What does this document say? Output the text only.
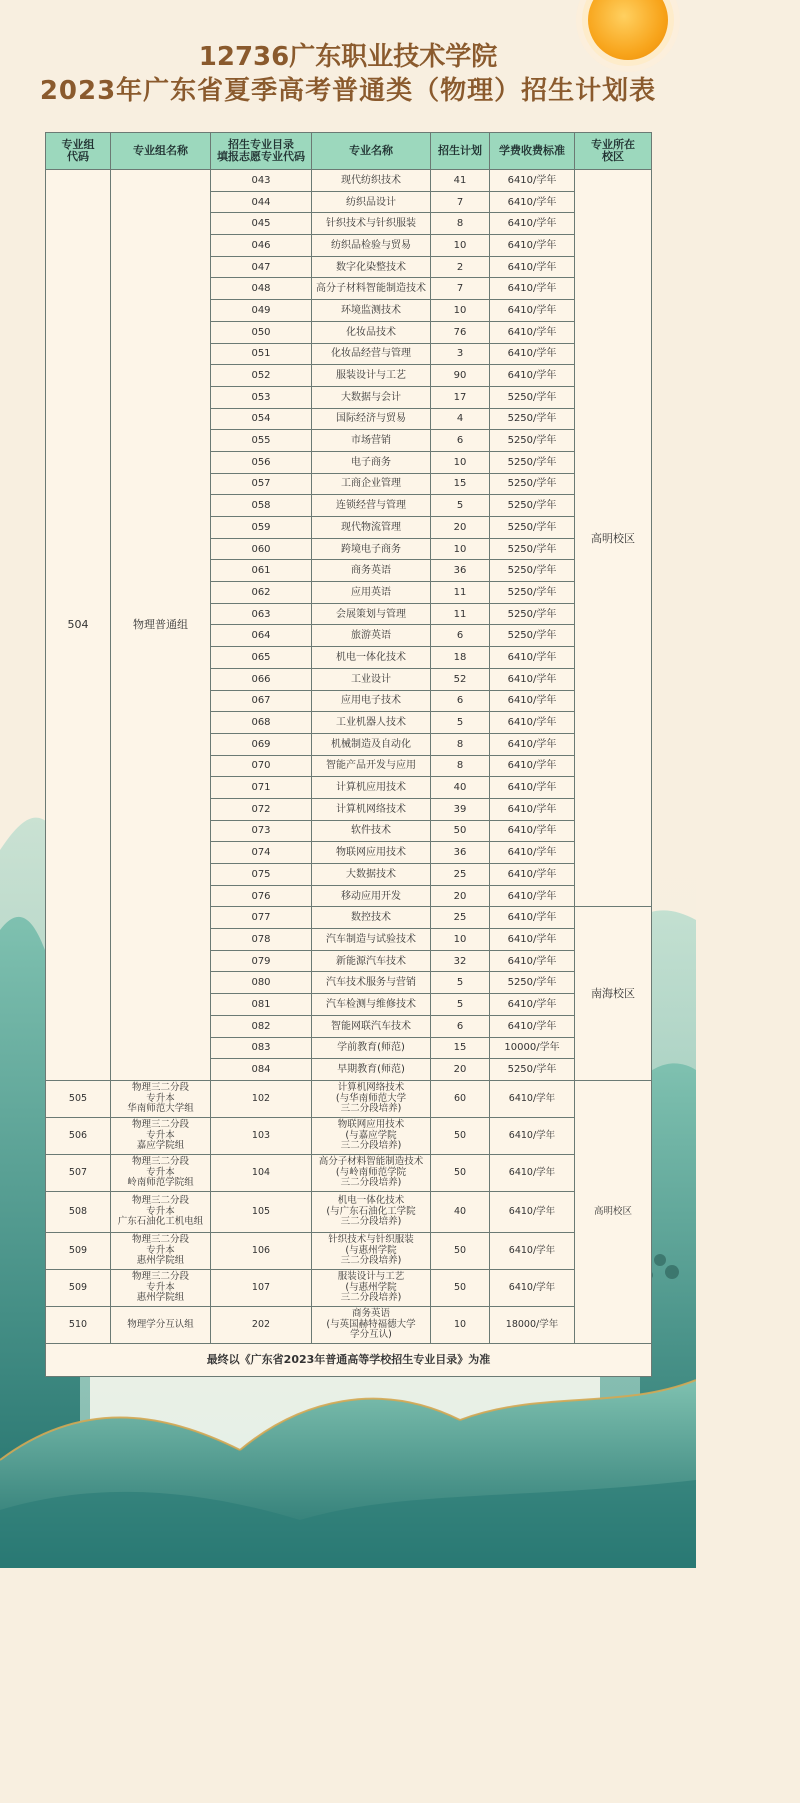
12736广东职业技术学院
2023年广东省夏季高考普通类（物理）招生计划表
专业组
代码	专业组名称	招生专业目录
填报志愿专业代码	专业名称	招生计划	学费收费标准	专业所在
校区
504	物理普通组	043	现代纺织技术	41	6410/学年	高明校区
		044	纺织品设计	7	6410/学年	
		045	针织技术与针织服装	8	6410/学年	
		046	纺织品检验与贸易	10	6410/学年	
		047	数字化染整技术	2	6410/学年	
		048	高分子材料智能制造技术	7	6410/学年	
		049	环境监测技术	10	6410/学年	
		050	化妆品技术	76	6410/学年	
		051	化妆品经营与管理	3	6410/学年	
		052	服装设计与工艺	90	6410/学年	
		053	大数据与会计	17	5250/学年	
		054	国际经济与贸易	4	5250/学年	
		055	市场营销	6	5250/学年	
		056	电子商务	10	5250/学年	
		057	工商企业管理	15	5250/学年	
		058	连锁经营与管理	5	5250/学年	
		059	现代物流管理	20	5250/学年	
		060	跨境电子商务	10	5250/学年	
		061	商务英语	36	5250/学年	
		062	应用英语	11	5250/学年	
		063	会展策划与管理	11	5250/学年	
		064	旅游英语	6	5250/学年	
		065	机电一体化技术	18	6410/学年	
		066	工业设计	52	6410/学年	
		067	应用电子技术	6	6410/学年	
		068	工业机器人技术	5	6410/学年	
		069	机械制造及自动化	8	6410/学年	
		070	智能产品开发与应用	8	6410/学年	
		071	计算机应用技术	40	6410/学年	
		072	计算机网络技术	39	6410/学年	
		073	软件技术	50	6410/学年	
		074	物联网应用技术	36	6410/学年	
		075	大数据技术	25	6410/学年	
		076	移动应用开发	20	6410/学年	
		077	数控技术	25	6410/学年	南海校区
		078	汽车制造与试验技术	10	6410/学年	
		079	新能源汽车技术	32	6410/学年	
		080	汽车技术服务与营销	5	5250/学年	
		081	汽车检测与维修技术	5	6410/学年	
		082	智能网联汽车技术	6	6410/学年	
		083	学前教育(师范)	15	10000/学年	
		084	早期教育(师范)	20	5250/学年	
505	物理三二分段
专升本
华南师范大学组	102	计算机网络技术
(与华南师范大学
三二分段培养)	60	6410/学年	高明校区
506	物理三二分段
专升本
嘉应学院组	103	物联网应用技术
(与嘉应学院
三二分段培养)	50	6410/学年	
507	物理三二分段
专升本
岭南师范学院组	104	高分子材料智能制造技术
(与岭南师范学院
三二分段培养)	50	6410/学年	
508	物理三二分段
专升本
广东石油化工机电组	105	机电一体化技术
(与广东石油化工学院
三二分段培养)	40	6410/学年	
509	物理三二分段
专升本
惠州学院组	106	针织技术与针织服装
(与惠州学院
三二分段培养)	50	6410/学年	
509	物理三二分段
专升本
惠州学院组	107	服装设计与工艺
(与惠州学院
三二分段培养)	50	6410/学年	
510	物理学分互认组	202	商务英语
(与英国赫特福德大学
学分互认)	10	18000/学年	
最终以《广东省2023年普通高等学校招生专业目录》为准						
